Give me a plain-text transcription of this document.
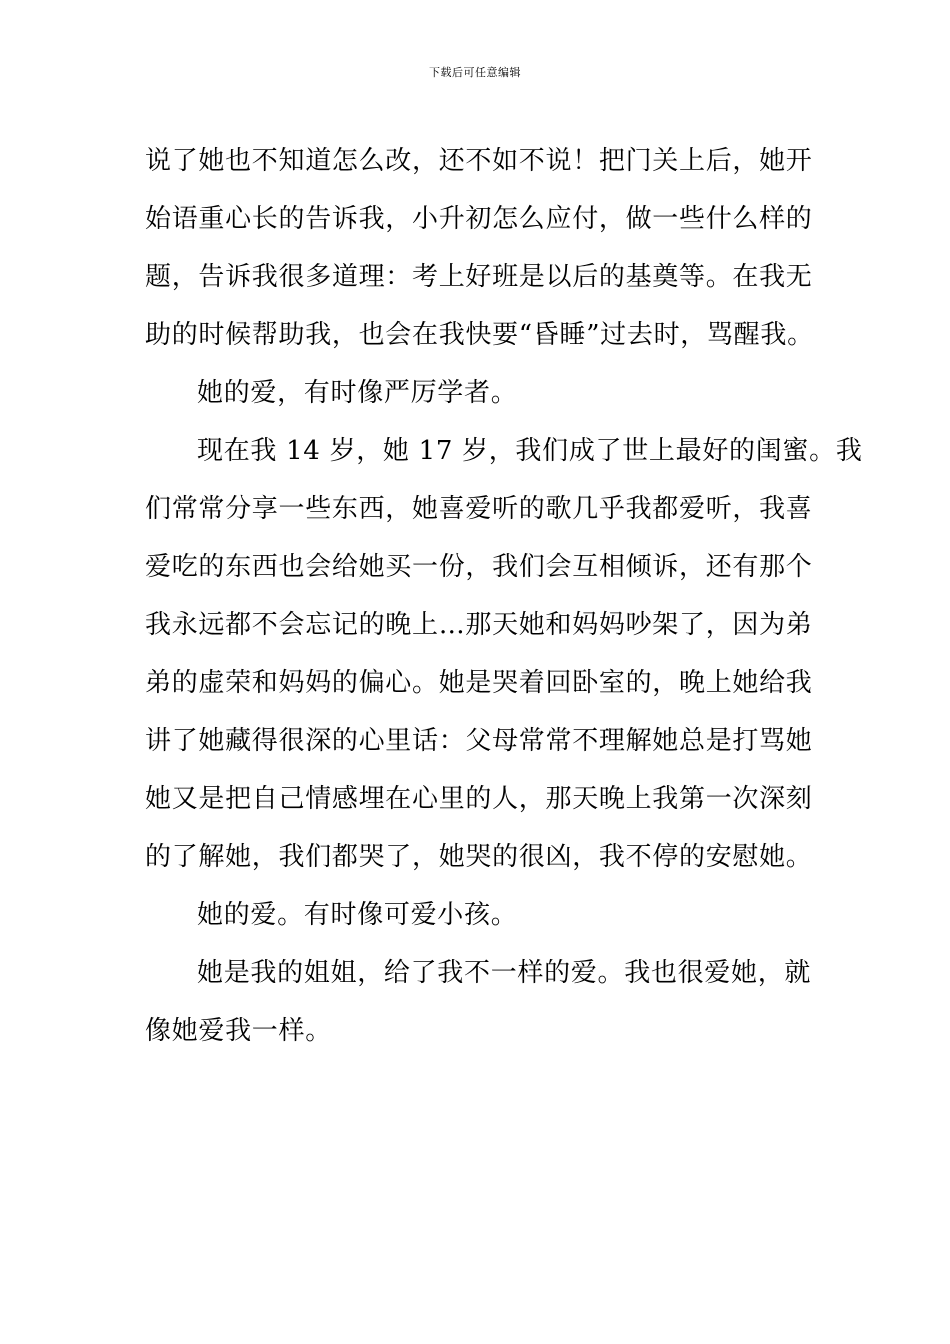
下载后可任意编辑
说了她也不知道怎么改，还不如不说！把门关上后，她开
始语重心长的告诉我，小升初怎么应付，做一些什么样的
题，告诉我很多道理：考上好班是以后的基奠等。在我无
助的时候帮助我，也会在我快要“昏睡”过去时，骂醒我。
她的爱，有时像严厉学者。
现在我 14 岁，她 17 岁，我们成了世上最好的闺蜜。我
们常常分享一些东西，她喜爱听的歌几乎我都爱听，我喜
爱吃的东西也会给她买一份，我们会互相倾诉，还有那个
我永远都不会忘记的晚上…那天她和妈妈吵架了，因为弟
弟的虚荣和妈妈的偏心。她是哭着回卧室的，晚上她给我
讲了她藏得很深的心里话：父母常常不理解她总是打骂她
她又是把自己情感埋在心里的人，那天晚上我第一次深刻
的了解她，我们都哭了，她哭的很凶，我不停的安慰她。
她的爱。有时像可爱小孩。
她是我的姐姐，给了我不一样的爱。我也很爱她，就
像她爱我一样。
